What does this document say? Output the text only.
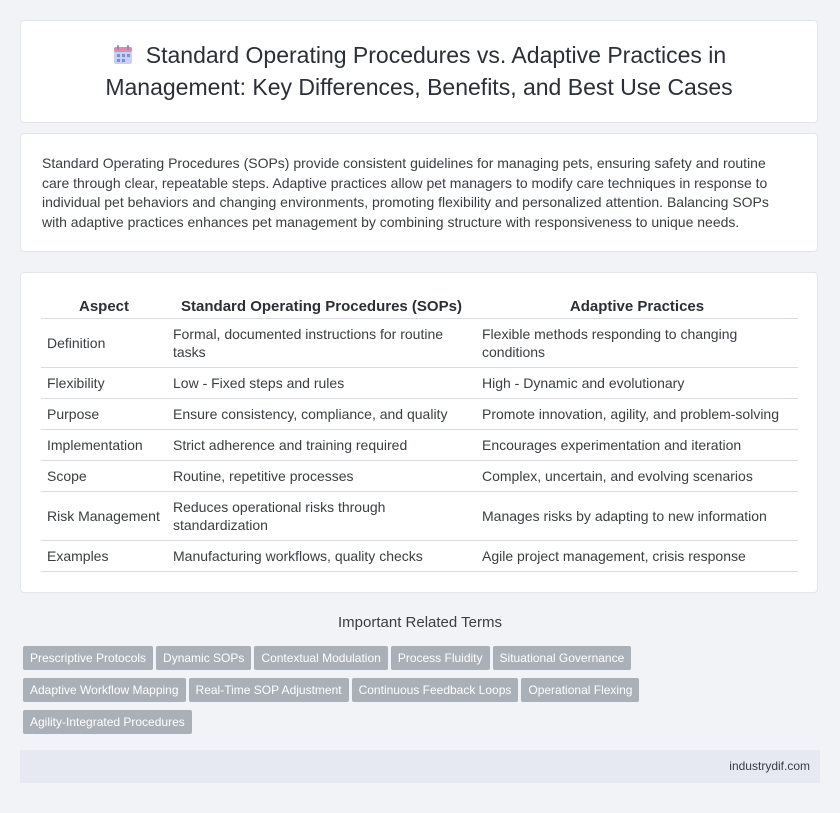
Standard Operating Procedures vs. Adaptive Practices in Management: Key Differences, Benefits, and Best Use Cases

Standard Operating Procedures (SOPs) provide consistent guidelines for managing pets, ensuring safety and routine care through clear, repeatable steps. Adaptive practices allow pet managers to modify care techniques in response to individual pet behaviors and changing environments, promoting flexibility and personalized attention. Balancing SOPs with adaptive practices enhances pet management by combining structure with responsiveness to unique needs.

Aspect	Standard Operating Procedures (SOPs)	Adaptive Practices
Definition	Formal, documented instructions for routine tasks	Flexible methods responding to changing conditions
Flexibility	Low - Fixed steps and rules	High - Dynamic and evolutionary
Purpose	Ensure consistency, compliance, and quality	Promote innovation, agility, and problem-solving
Implementation	Strict adherence and training required	Encourages experimentation and iteration
Scope	Routine, repetitive processes	Complex, uncertain, and evolving scenarios
Risk Management	Reduces operational risks through standardization	Manages risks by adapting to new information
Examples	Manufacturing workflows, quality checks	Agile project management, crisis response
Important Related Terms
Prescriptive Protocols Dynamic SOPs Contextual Modulation Process Fluidity Situational Governance
Adaptive Workflow Mapping Real-Time SOP Adjustment Continuous Feedback Loops Operational Flexing
Agility-Integrated Procedures
industrydif.com
